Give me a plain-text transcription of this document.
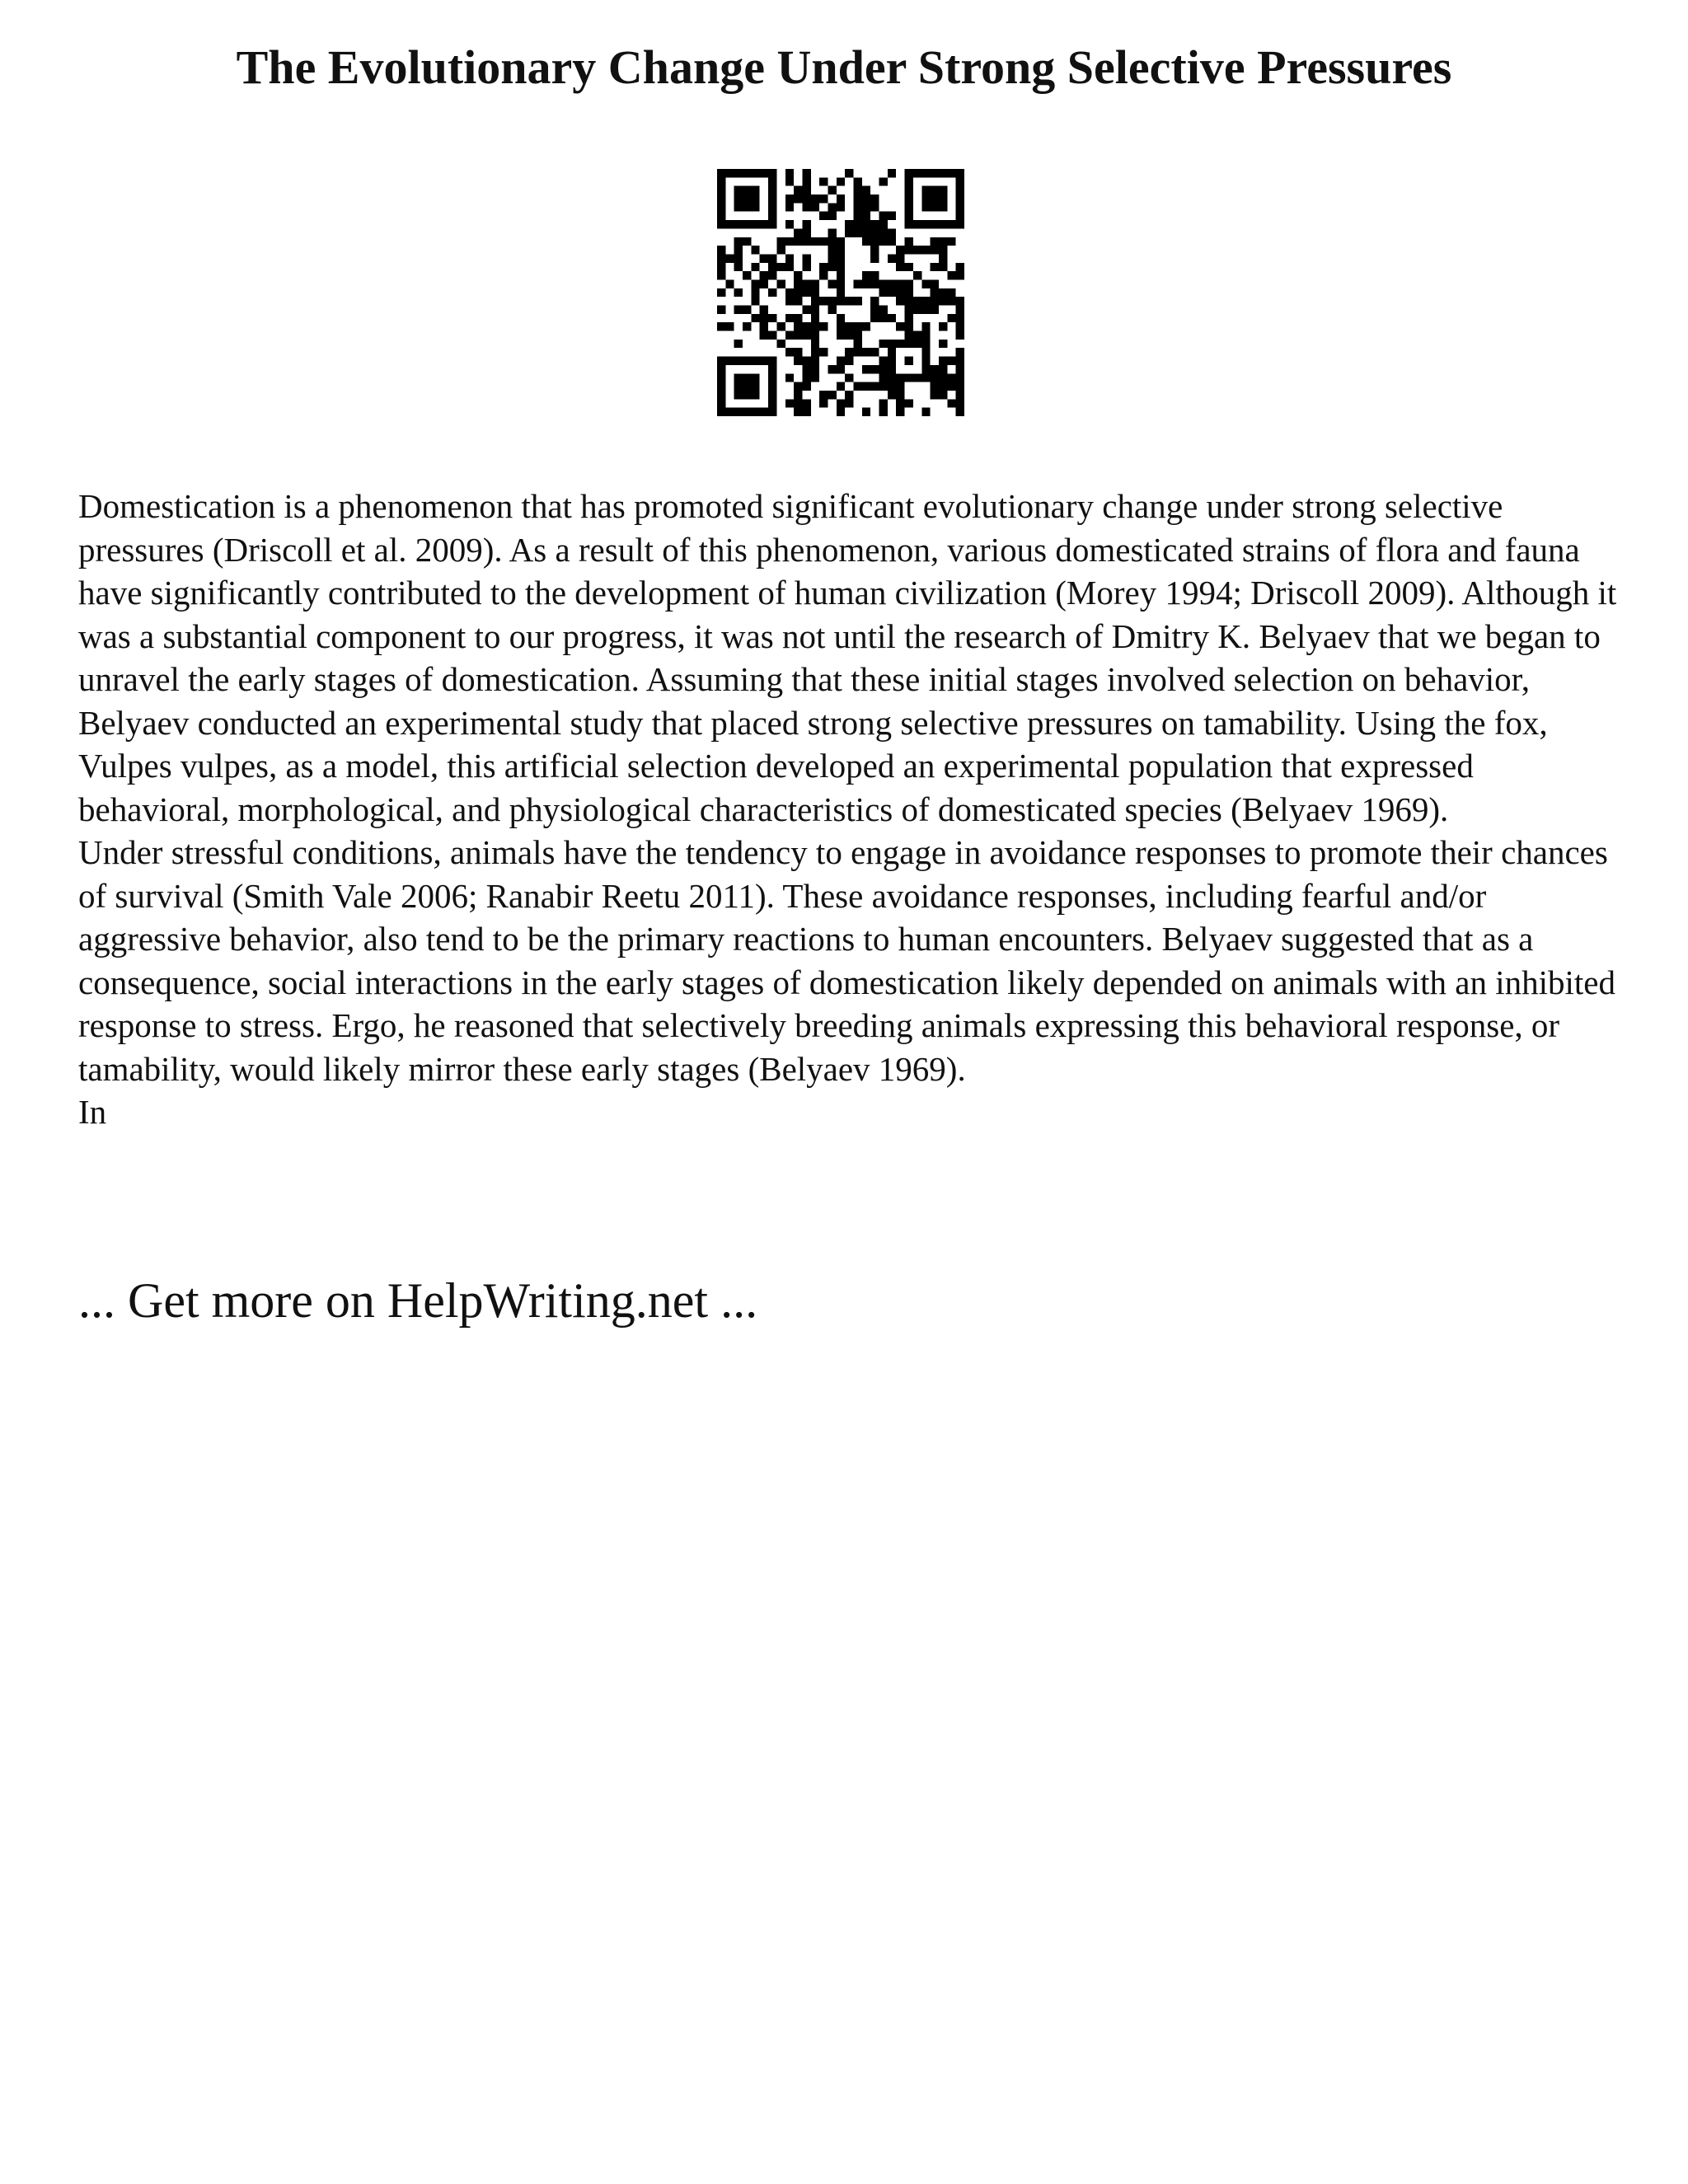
The Evolutionary Change Under Strong Selective Pressures

Domestication is a phenomenon that has promoted significant evolutionary change under strong selective pressures (Driscoll et al. 2009). As a result of this phenomenon, various domesticated strains of flora and fauna have significantly contributed to the development of human civilization (Morey 1994; Driscoll 2009). Although it was a substantial component to our progress, it was not until the research of Dmitry K. Belyaev that we began to unravel the early stages of domestication. Assuming that these initial stages involved selection on behavior, Belyaev conducted an experimental study that placed strong selective pressures on tamability. Using the fox, Vulpes vulpes, as a model, this artificial selection developed an experimental population that expressed behavioral, morphological, and physiological characteristics of domesticated species (Belyaev 1969).

Under stressful conditions, animals have the tendency to engage in avoidance responses to promote their chances of survival (Smith Vale 2006; Ranabir Reetu 2011). These avoidance responses, including fearful and/or aggressive behavior, also tend to be the primary reactions to human encounters. Belyaev suggested that as a consequence, social interactions in the early stages of domestication likely depended on animals with an inhibited response to stress. Ergo, he reasoned that selectively breeding animals expressing this behavioral response, or tamability, would likely mirror these early stages (Belyaev 1969).

In

... Get more on HelpWriting.net ...
